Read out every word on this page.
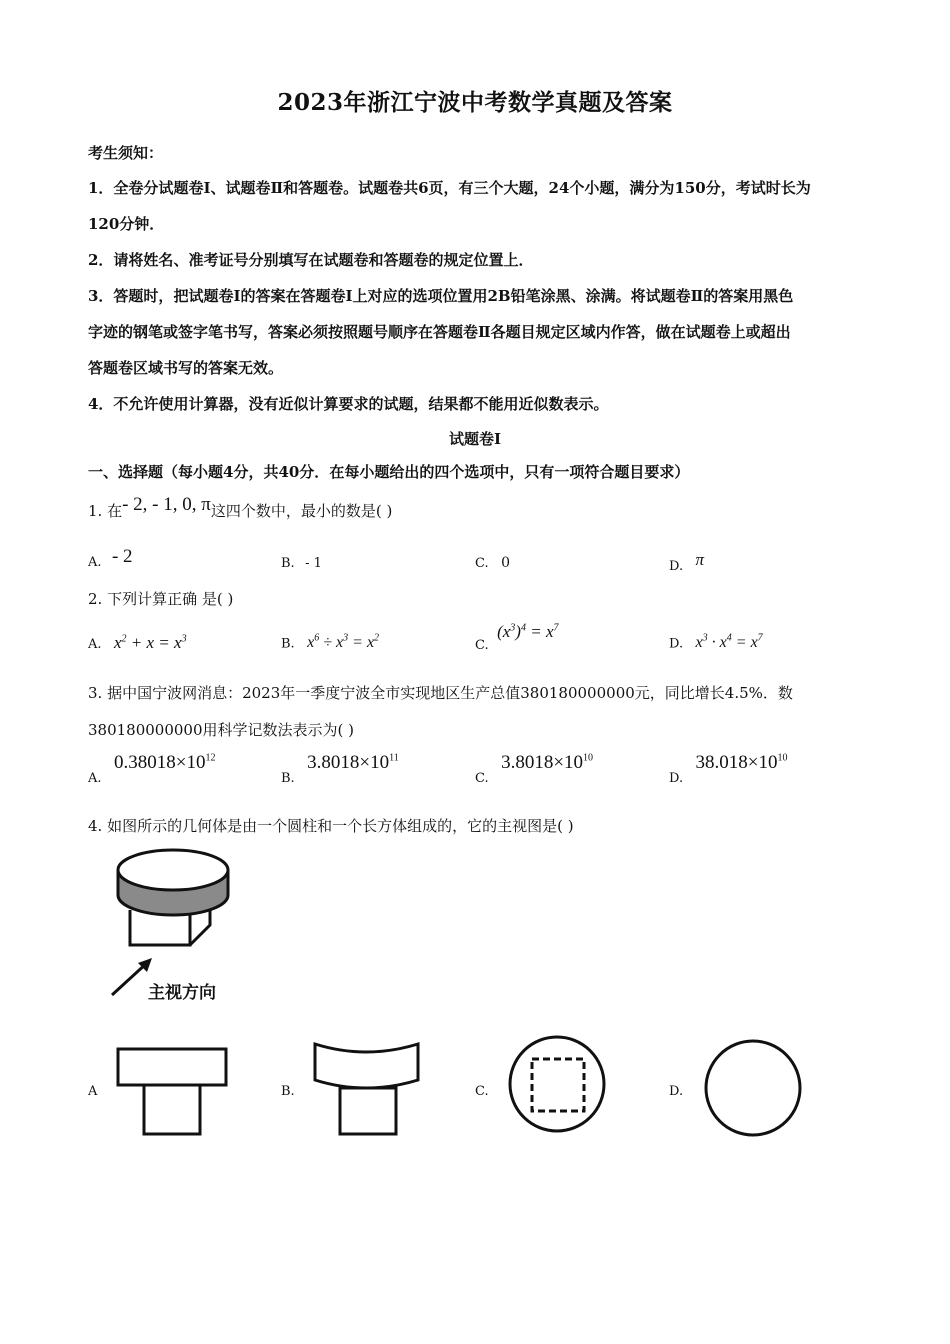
2023年浙江宁波中考数学真题及答案
考生须知：
1．全卷分试题卷Ⅰ、试题卷Ⅱ和答题卷。试题卷共6页，有三个大题，24个小题，满分为150分，考试时长为
120分钟．
2．请将姓名、准考证号分别填写在试题卷和答题卷的规定位置上．
3．答题时，把试题卷Ⅰ的答案在答题卷Ⅰ上对应的选项位置用2B铅笔涂黑、涂满。将试题卷Ⅱ的答案用黑色
字迹的钢笔或签字笔书写，答案必须按照题号顺序在答题卷Ⅱ各题目规定区域内作答，做在试题卷上或超出
答题卷区域书写的答案无效。
4．不允许使用计算器，没有近似计算要求的试题，结果都不能用近似数表示。
试题卷Ⅰ
一、选择题（每小题4分，共40分．在每小题给出的四个选项中，只有一项符合题目要求）
1. 在- 2, - 1, 0, π这四个数中，最小的数是( )
A. - 2	B. - 1	C. 0	D. π
2. 下列计算正确 是( )
A. $x^2 + x = x^3$	B. $x^6 \div x^3 = x^2$	C. $(x^3)^4 = x^7$
D. $x^3 \cdot x^4 = x^7$
3. 据中国宁波网消息：2023年一季度宁波全市实现地区生产总值380180000000元，同比增长4.5%．数
380180000000用科学记数法表示为( )
A. $0.38018\times 10^{12}$
B. $3.8018\times 10^{11}$
C. $3.8018\times 10^{10}$
D. $38.018\times 10^{10}$
4. 如图所示的几何体是由一个圆柱和一个长方体组成的，它的主视图是( )
主视方向
A	B.	C.	D.
